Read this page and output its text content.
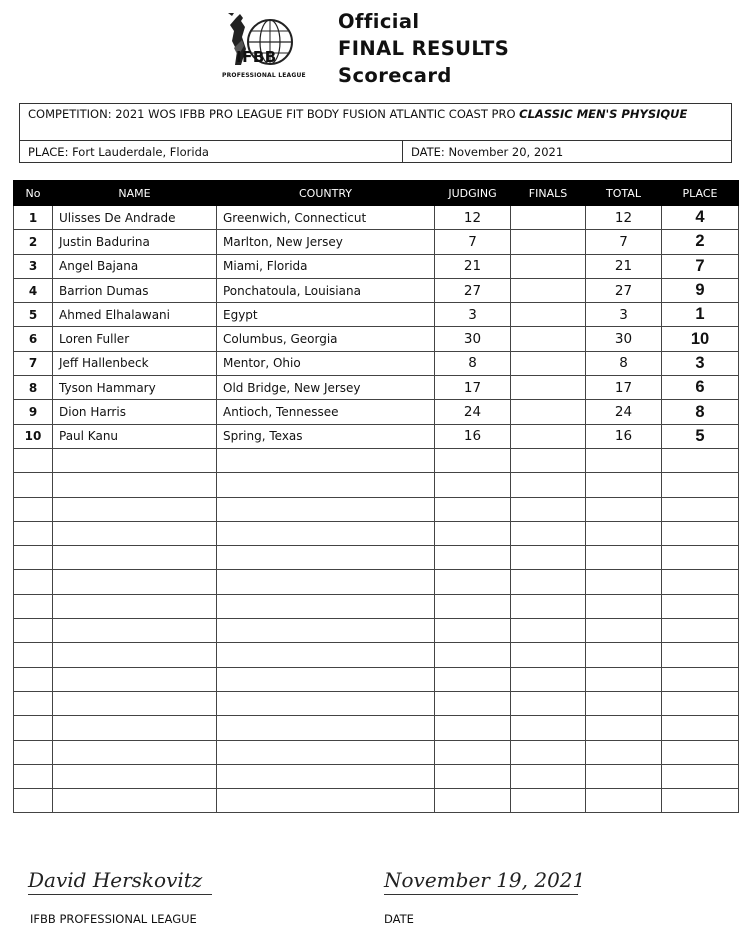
IFBB
PROFESSIONAL LEAGUE
Official
FINAL RESULTS
Scorecard
COMPETITION: 2021 WOS IFBB PRO LEAGUE FIT BODY FUSION ATLANTIC COAST PRO CLASSIC MEN'S PHYSIQUE
PLACE: Fort Lauderdale, Florida	DATE: November 20, 2021
No	NAME	COUNTRY	JUDGING	FINALS	TOTAL	PLACE
1	Ulisses De Andrade	Greenwich, Connecticut	12		12	4
2	Justin Badurina	Marlton, New Jersey	7		7	2
3	Angel Bajana	Miami, Florida	21		21	7
4	Barrion Dumas	Ponchatoula, Louisiana	27		27	9
5	Ahmed Elhalawani	Egypt	3		3	1
6	Loren Fuller	Columbus, Georgia	30		30	10
7	Jeff Hallenbeck	Mentor, Ohio	8		8	3
8	Tyson Hammary	Old Bridge, New Jersey	17		17	6
9	Dion Harris	Antioch, Tennessee	24		24	8
10	Paul Kanu	Spring, Texas	16		16	5

David Herskovitz	November 19, 2021
IFBB PROFESSIONAL LEAGUE	DATE
